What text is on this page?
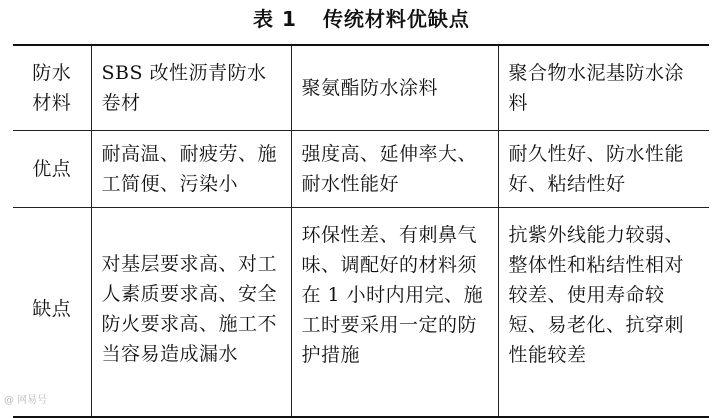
表 1 传统材料优缺点
防水材料	SBS 改性沥青防水卷材	聚氨酯防水涂料	聚合物水泥基防水涂料
优点	耐高温、耐疲劳、施工简便、污染小	强度高、延伸率大、耐水性能好	耐久性好、防水性能好、粘结性好
缺点	对基层要求高、对工人素质要求高、安全防火要求高、施工不当容易造成漏水	环保性差、有刺鼻气味、调配好的材料须在 1 小时内用完、施工时要采用一定的防护措施	抗紫外线能力较弱、整体性和粘结性相对较差、使用寿命较短、易老化、抗穿刺性能较差
@ 网易号
